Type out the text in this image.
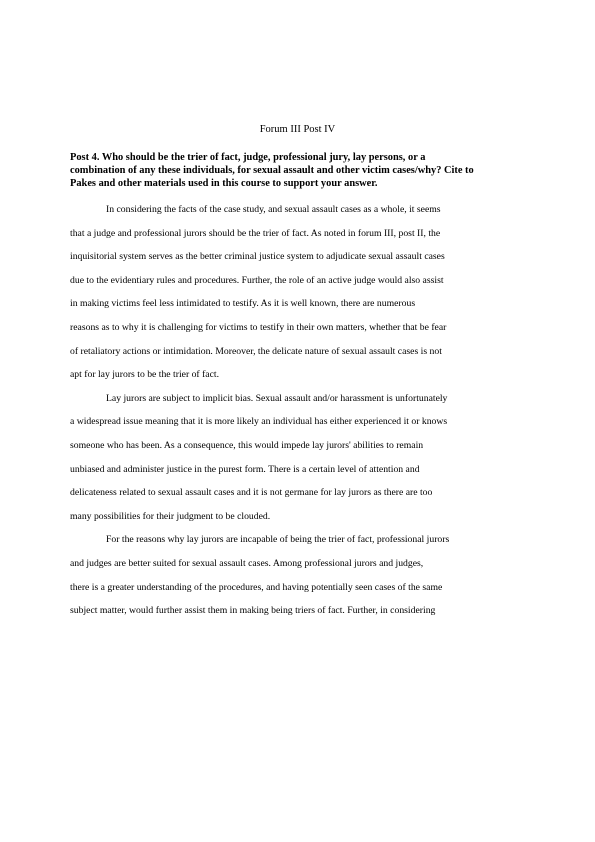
Forum III Post IV
Post 4. Who should be the trier of fact, judge, professional jury, lay persons, or a
combination of any these individuals, for sexual assault and other victim cases/why? Cite to
Pakes and other materials used in this course to support your answer.
In considering the facts of the case study, and sexual assault cases as a whole, it seems
that a judge and professional jurors should be the trier of fact. As noted in forum III, post II, the
inquisitorial system serves as the better criminal justice system to adjudicate sexual assault cases
due to the evidentiary rules and procedures. Further, the role of an active judge would also assist
in making victims feel less intimidated to testify. As it is well known, there are numerous
reasons as to why it is challenging for victims to testify in their own matters, whether that be fear
of retaliatory actions or intimidation. Moreover, the delicate nature of sexual assault cases is not
apt for lay jurors to be the trier of fact.
Lay jurors are subject to implicit bias. Sexual assault and/or harassment is unfortunately
a widespread issue meaning that it is more likely an individual has either experienced it or knows
someone who has been. As a consequence, this would impede lay jurors' abilities to remain
unbiased and administer justice in the purest form. There is a certain level of attention and
delicateness related to sexual assault cases and it is not germane for lay jurors as there are too
many possibilities for their judgment to be clouded.
For the reasons why lay jurors are incapable of being the trier of fact, professional jurors
and judges are better suited for sexual assault cases. Among professional jurors and judges,
there is a greater understanding of the procedures, and having potentially seen cases of the same
subject matter, would further assist them in making being triers of fact. Further, in considering
